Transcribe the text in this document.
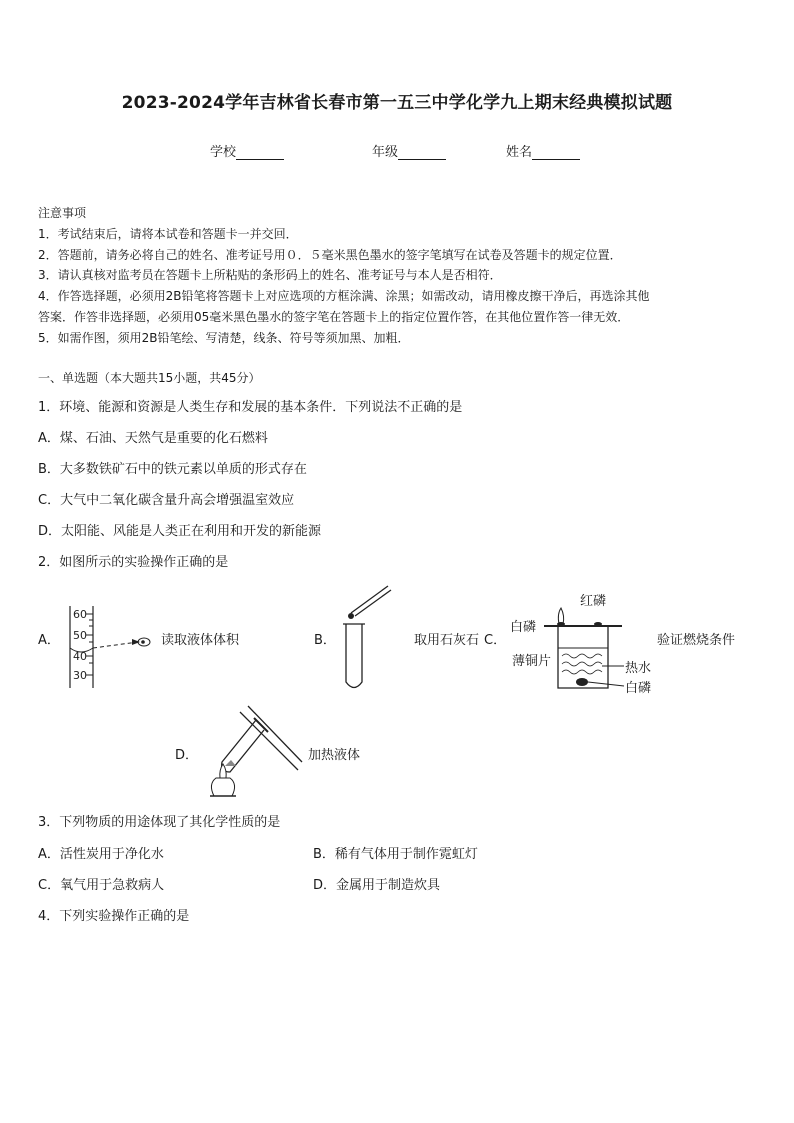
2023-2024学年吉林省长春市第一五三中学化学九上期末经典模拟试题
学校	年级	姓名
注意事项
1．考试结束后，请将本试卷和答题卡一并交回．
2．答题前，请务必将自己的姓名、准考证号用０．５毫米黑色墨水的签字笔填写在试卷及答题卡的规定位置．
3．请认真核对监考员在答题卡上所粘贴的条形码上的姓名、准考证号与本人是否相符．
4．作答选择题，必须用2B铅笔将答题卡上对应选项的方框涂满、涂黑；如需改动，请用橡皮擦干净后，再选涂其他
答案．作答非选择题，必须用05毫米黑色墨水的签字笔在答题卡上的指定位置作答，在其他位置作答一律无效．
5．如需作图，须用2B铅笔绘、写清楚，线条、符号等须加黑、加粗．
一、单选题（本大题共15小题，共45分）
1．环境、能源和资源是人类生存和发展的基本条件．下列说法不正确的是
A．煤、石油、天然气是重要的化石燃料
B．大多数铁矿石中的铁元素以单质的形式存在
C．大气中二氧化碳含量升高会增强温室效应
D．太阳能、风能是人类正在利用和开发的新能源
2．如图所示的实验操作正确的是
A．
60
50
40
30
读取液体体积	B．	取用石灰石 C．
红磷
白磷
薄铜片	热水
白磷
验证燃烧条件
D．	加热液体
3．下列物质的用途体现了其化学性质的是
A．活性炭用于净化水	B．稀有气体用于制作霓虹灯
C．氧气用于急救病人	D．金属用于制造炊具
4．下列实验操作正确的是
